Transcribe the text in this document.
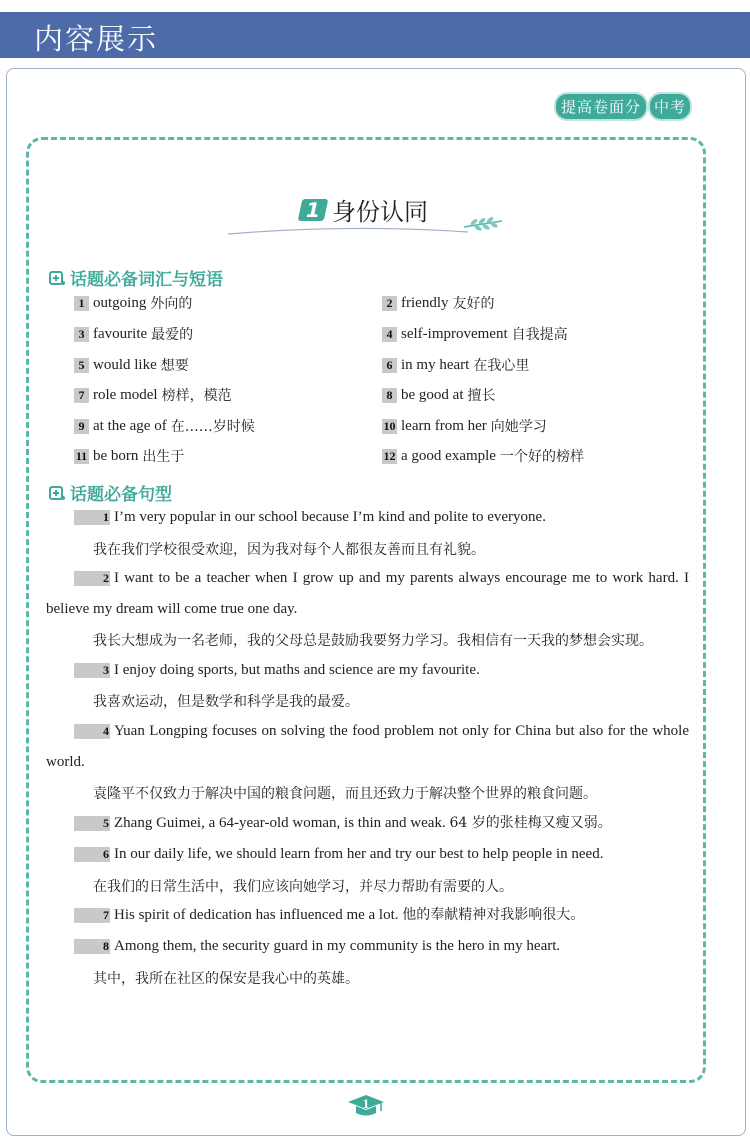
内容展示
提高卷面分 中考
1 身份认同
话题必备词汇与短语
1 outgoing 外向的
3 favourite 最爱的
5 would like 想要
7 role model 榜样，模范
9 at the age of 在……岁时候
11 be born 出生于
2 friendly 友好的
4 self-improvement 自我提高
6 in my heart 在我心里
8 be good at 擅长
10 learn from her 向她学习
12 a good example 一个好的榜样
话题必备句型
1 I’m very popular in our school because I’m kind and polite to everyone.
我在我们学校很受欢迎，因为我对每个人都很友善而且有礼貌。
2 I want to be a teacher when I grow up and my parents always encourage me to work hard. I believe my dream will come true one day.
我长大想成为一名老师，我的父母总是鼓励我要努力学习。我相信有一天我的梦想会实现。
3 I enjoy doing sports, but maths and science are my favourite.
我喜欢运动，但是数学和科学是我的最爱。
4 Yuan Longping focuses on solving the food problem not only for China but also for the whole world.
袁隆平不仅致力于解决中国的粮食问题，而且还致力于解决整个世界的粮食问题。
5 Zhang Guimei, a 64-year-old woman, is thin and weak. 64 岁的张桂梅又瘦又弱。
6 In our daily life, we should learn from her and try our best to help people in need.
在我们的日常生活中，我们应该向她学习，并尽力帮助有需要的人。
7 His spirit of dedication has influenced me a lot. 他的奉献精神对我影响很大。
8 Among them, the security guard in my community is the hero in my heart.
其中，我所在社区的保安是我心中的英雄。
1
